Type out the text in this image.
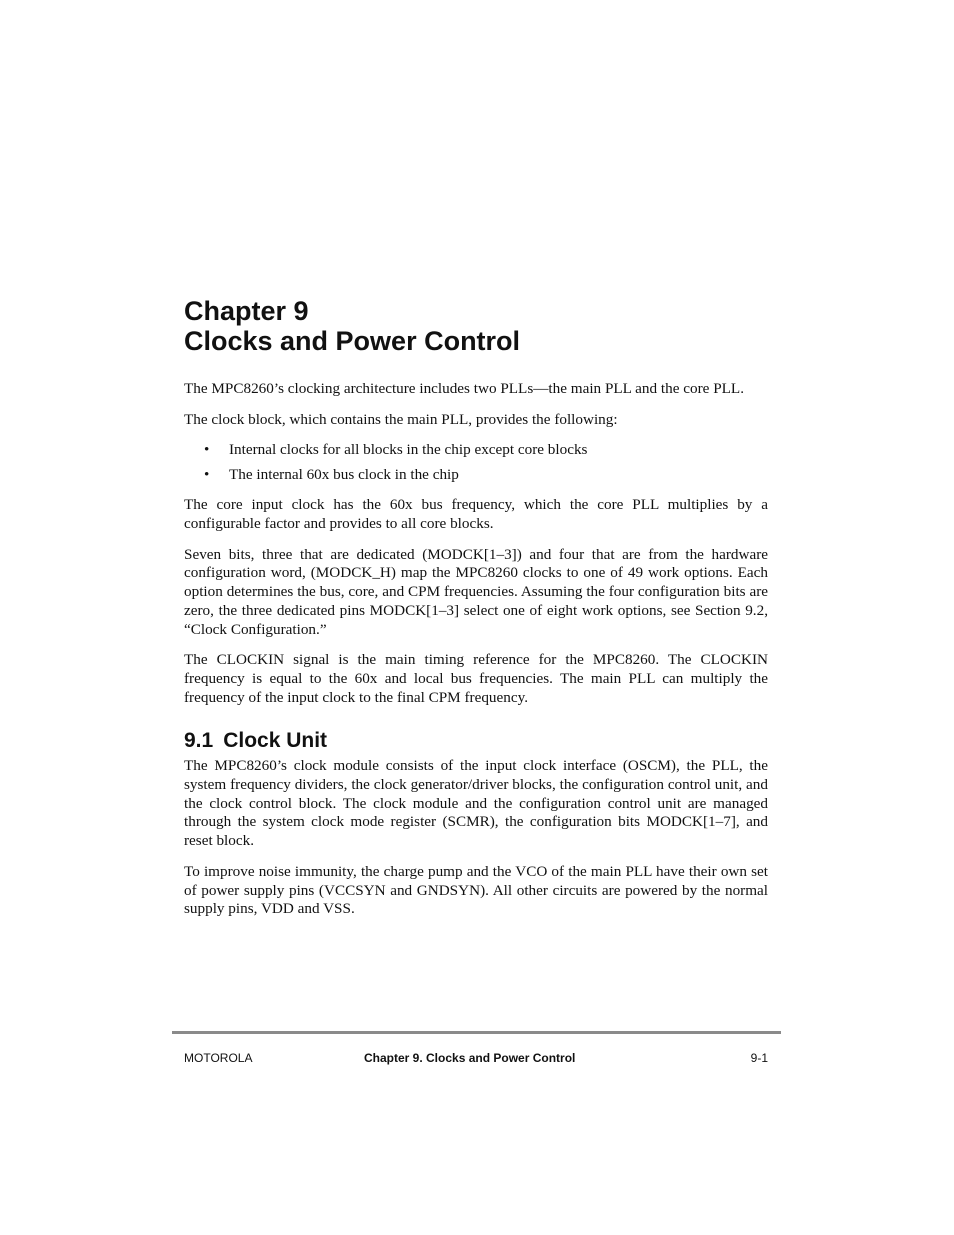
Chapter 9
Clocks and Power Control

The MPC8260’s clocking architecture includes two PLLs—the main PLL and the core PLL.

The clock block, which contains the main PLL, provides the following:

• Internal clocks for all blocks in the chip except core blocks
• The internal 60x bus clock in the chip

The core input clock has the 60x bus frequency, which the core PLL multiplies by a configurable factor and provides to all core blocks.

Seven bits, three that are dedicated (MODCK[1–3]) and four that are from the hardware configuration word, (MODCK_H) map the MPC8260 clocks to one of 49 work options. Each option determines the bus, core, and CPM frequencies. Assuming the four configuration bits are zero, the three dedicated pins MODCK[1–3] select one of eight work options, see Section 9.2, “Clock Configuration.”

The CLOCKIN signal is the main timing reference for the MPC8260. The CLOCKIN frequency is equal to the 60x and local bus frequencies. The main PLL can multiply the frequency of the input clock to the final CPM frequency.

9.1 Clock Unit

The MPC8260’s clock module consists of the input clock interface (OSCM), the PLL, the system frequency dividers, the clock generator/driver blocks, the configuration control unit, and the clock control block. The clock module and the configuration control unit are managed through the system clock mode register (SCMR), the configuration bits MODCK[1–7], and reset block.

To improve noise immunity, the charge pump and the VCO of the main PLL have their own set of power supply pins (VCCSYN and GNDSYN). All other circuits are powered by the normal supply pins, VDD and VSS.

MOTOROLA	Chapter 9. Clocks and Power Control	9-1
